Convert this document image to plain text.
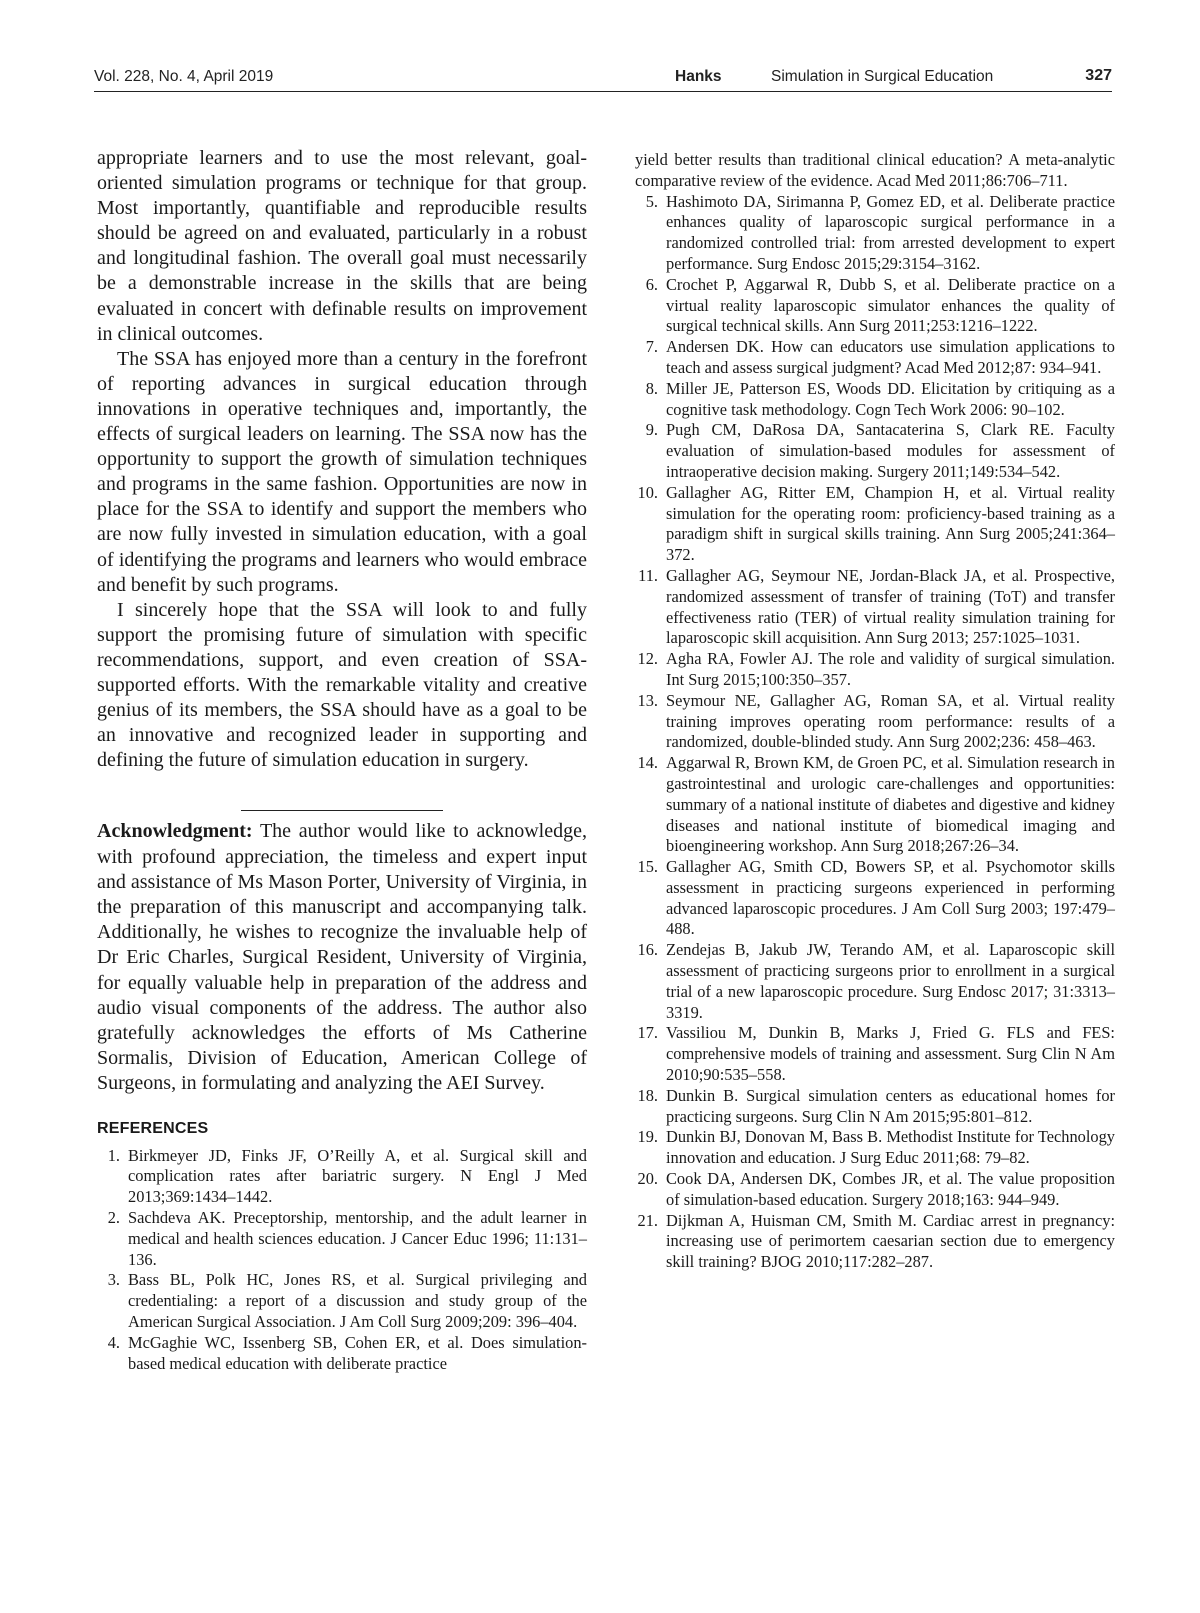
Vol. 228, No. 4, April 2019	Hanks	Simulation in Surgical Education	327

appropriate learners and to use the most relevant, goal-oriented simulation programs or technique for that group. Most importantly, quantifiable and reproducible results should be agreed on and evaluated, particularly in a robust and longitudinal fashion. The overall goal must necessarily be a demonstrable increase in the skills that are being evaluated in concert with definable results on improvement in clinical outcomes.

The SSA has enjoyed more than a century in the forefront of reporting advances in surgical education through innovations in operative techniques and, importantly, the effects of surgical leaders on learning. The SSA now has the opportunity to support the growth of simulation techniques and programs in the same fashion. Opportunities are now in place for the SSA to identify and support the members who are now fully invested in simulation education, with a goal of identifying the programs and learners who would embrace and benefit by such programs.

I sincerely hope that the SSA will look to and fully support the promising future of simulation with specific recommendations, support, and even creation of SSA-supported efforts. With the remarkable vitality and creative genius of its members, the SSA should have as a goal to be an innovative and recognized leader in supporting and defining the future of simulation education in surgery.

Acknowledgment: The author would like to acknowledge, with profound appreciation, the timeless and expert input and assistance of Ms Mason Porter, University of Virginia, in the preparation of this manuscript and accompanying talk. Additionally, he wishes to recognize the invaluable help of Dr Eric Charles, Surgical Resident, University of Virginia, for equally valuable help in preparation of the address and audio visual components of the address. The author also gratefully acknowledges the efforts of Ms Catherine Sormalis, Division of Education, American College of Surgeons, in formulating and analyzing the AEI Survey.
REFERENCES
1. Birkmeyer JD, Finks JF, O’Reilly A, et al. Surgical skill and complication rates after bariatric surgery. N Engl J Med 2013;369:1434–1442.
2. Sachdeva AK. Preceptorship, mentorship, and the adult learner in medical and health sciences education. J Cancer Educ 1996; 11:131–136.
3. Bass BL, Polk HC, Jones RS, et al. Surgical privileging and credentialing: a report of a discussion and study group of the American Surgical Association. J Am Coll Surg 2009;209: 396–404.
4. McGaghie WC, Issenberg SB, Cohen ER, et al. Does simulation-based medical education with deliberate practice
yield better results than traditional clinical education? A meta-analytic comparative review of the evidence. Acad Med 2011;86:706–711.
5. Hashimoto DA, Sirimanna P, Gomez ED, et al. Deliberate practice enhances quality of laparoscopic surgical performance in a randomized controlled trial: from arrested development to expert performance. Surg Endosc 2015;29:3154–3162.
6. Crochet P, Aggarwal R, Dubb S, et al. Deliberate practice on a virtual reality laparoscopic simulator enhances the quality of surgical technical skills. Ann Surg 2011;253:1216–1222.
7. Andersen DK. How can educators use simulation applications to teach and assess surgical judgment? Acad Med 2012;87: 934–941.
8. Miller JE, Patterson ES, Woods DD. Elicitation by critiquing as a cognitive task methodology. Cogn Tech Work 2006: 90–102.
9. Pugh CM, DaRosa DA, Santacaterina S, Clark RE. Faculty evaluation of simulation-based modules for assessment of intraoperative decision making. Surgery 2011;149:534–542.
10. Gallagher AG, Ritter EM, Champion H, et al. Virtual reality simulation for the operating room: proficiency-based training as a paradigm shift in surgical skills training. Ann Surg 2005;241:364–372.
11. Gallagher AG, Seymour NE, Jordan-Black JA, et al. Prospective, randomized assessment of transfer of training (ToT) and transfer effectiveness ratio (TER) of virtual reality simulation training for laparoscopic skill acquisition. Ann Surg 2013; 257:1025–1031.
12. Agha RA, Fowler AJ. The role and validity of surgical simulation. Int Surg 2015;100:350–357.
13. Seymour NE, Gallagher AG, Roman SA, et al. Virtual reality training improves operating room performance: results of a randomized, double-blinded study. Ann Surg 2002;236: 458–463.
14. Aggarwal R, Brown KM, de Groen PC, et al. Simulation research in gastrointestinal and urologic care-challenges and opportunities: summary of a national institute of diabetes and digestive and kidney diseases and national institute of biomedical imaging and bioengineering workshop. Ann Surg 2018;267:26–34.
15. Gallagher AG, Smith CD, Bowers SP, et al. Psychomotor skills assessment in practicing surgeons experienced in performing advanced laparoscopic procedures. J Am Coll Surg 2003; 197:479–488.
16. Zendejas B, Jakub JW, Terando AM, et al. Laparoscopic skill assessment of practicing surgeons prior to enrollment in a surgical trial of a new laparoscopic procedure. Surg Endosc 2017; 31:3313–3319.
17. Vassiliou M, Dunkin B, Marks J, Fried G. FLS and FES: comprehensive models of training and assessment. Surg Clin N Am 2010;90:535–558.
18. Dunkin B. Surgical simulation centers as educational homes for practicing surgeons. Surg Clin N Am 2015;95:801–812.
19. Dunkin BJ, Donovan M, Bass B. Methodist Institute for Technology innovation and education. J Surg Educ 2011;68: 79–82.
20. Cook DA, Andersen DK, Combes JR, et al. The value proposition of simulation-based education. Surgery 2018;163: 944–949.
21. Dijkman A, Huisman CM, Smith M. Cardiac arrest in pregnancy: increasing use of perimortem caesarian section due to emergency skill training? BJOG 2010;117:282–287.
